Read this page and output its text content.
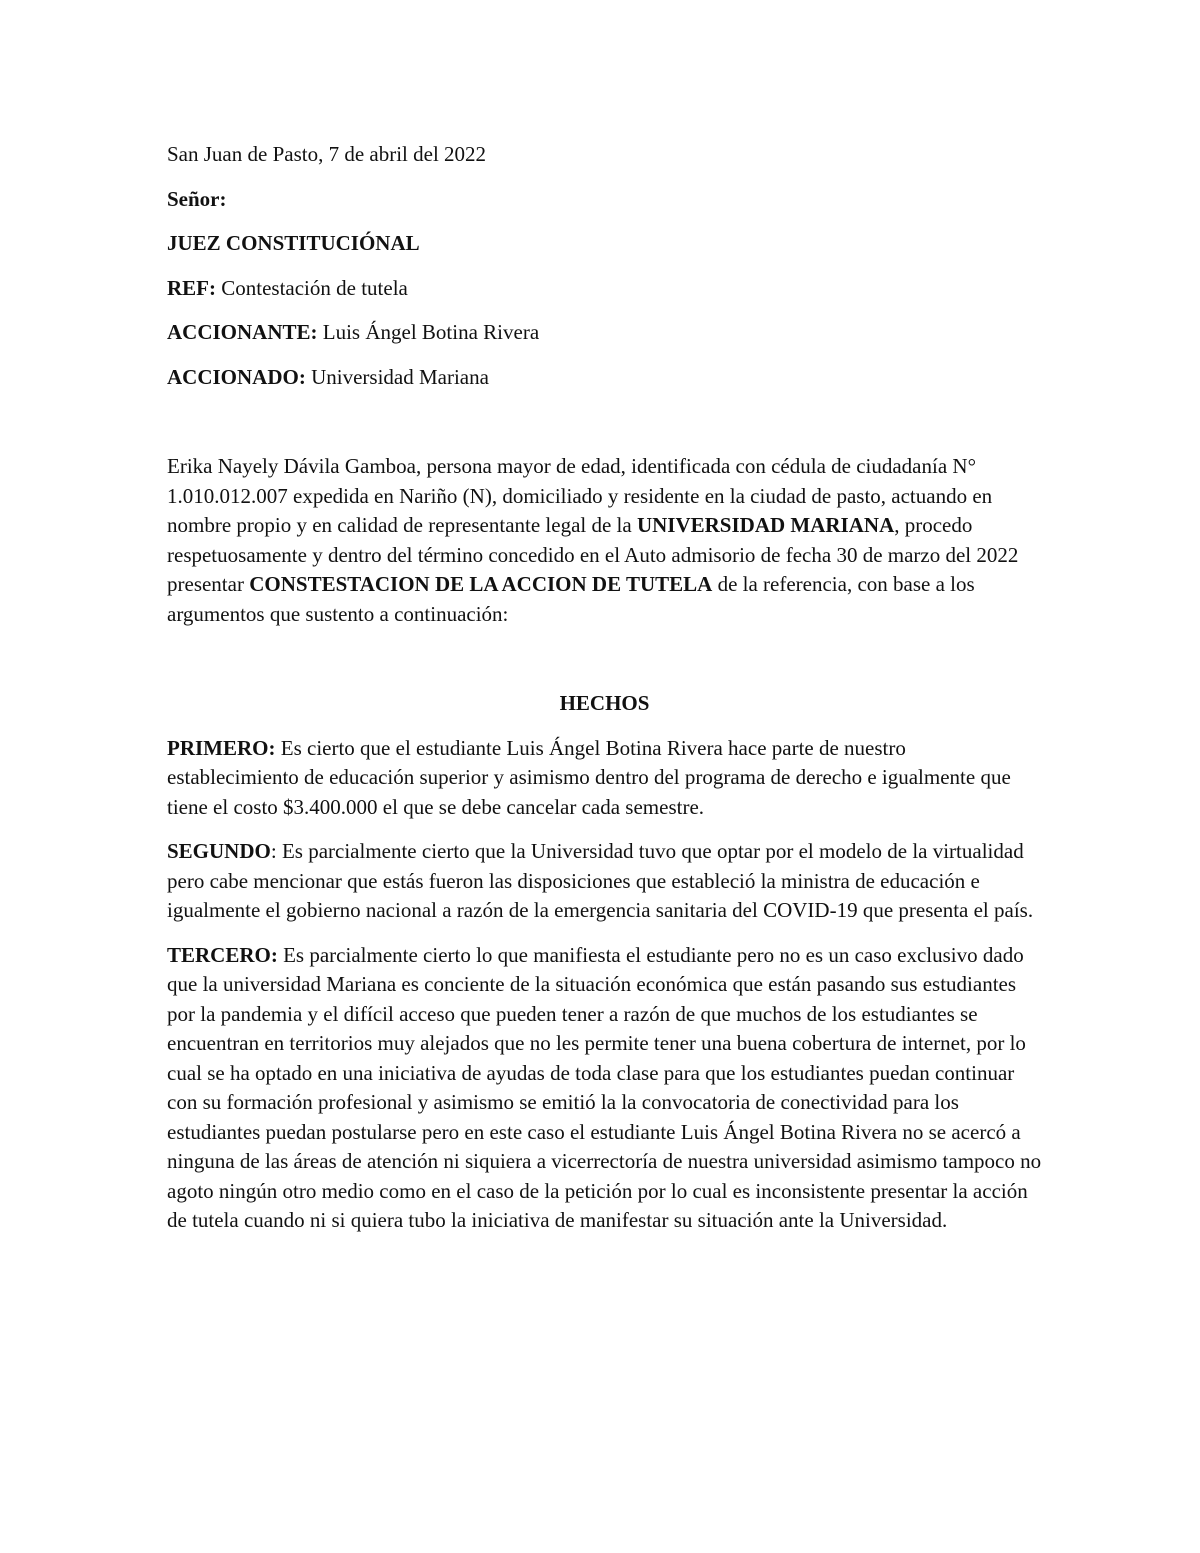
San Juan de Pasto, 7 de abril del 2022

Señor:

JUEZ CONSTITUCIÓNAL

REF: Contestación de tutela

ACCIONANTE: Luis Ángel Botina Rivera

ACCIONADO: Universidad Mariana

Erika Nayely Dávila Gamboa, persona mayor de edad, identificada con cédula de ciudadanía N° 1.010.012.007 expedida en Nariño (N), domiciliado y residente en la ciudad de pasto, actuando en nombre propio y en calidad de representante legal de la UNIVERSIDAD MARIANA, procedo respetuosamente y dentro del término concedido en el Auto admisorio de fecha 30 de marzo del 2022 presentar CONSTESTACION DE LA ACCION DE TUTELA de la referencia, con base a los argumentos que sustento a continuación:

HECHOS

PRIMERO: Es cierto que el estudiante Luis Ángel Botina Rivera hace parte de nuestro establecimiento de educación superior y asimismo dentro del programa de derecho e igualmente que tiene el costo $3.400.000 el que se debe cancelar cada semestre.

SEGUNDO: Es parcialmente cierto que la Universidad tuvo que optar por el modelo de la virtualidad pero cabe mencionar que estás fueron las disposiciones que estableció la ministra de educación e igualmente el gobierno nacional a razón de la emergencia sanitaria del COVID-19 que presenta el país.

TERCERO: Es parcialmente cierto lo que manifiesta el estudiante pero no es un caso exclusivo dado que la universidad Mariana es conciente de la situación económica que están pasando sus estudiantes por la pandemia y el difícil acceso que pueden tener a razón de que muchos de los estudiantes se encuentran en territorios muy alejados que no les permite tener una buena cobertura de internet, por lo cual se ha optado en una iniciativa de ayudas de toda clase para que los estudiantes puedan continuar con su formación profesional y asimismo se emitió la la convocatoria de conectividad para los estudiantes puedan postularse pero en este caso el estudiante Luis Ángel Botina Rivera no se acercó a ninguna de las áreas de atención ni siquiera a vicerrectoría de nuestra universidad asimismo tampoco no agoto ningún otro medio como en el caso de la petición por lo cual es inconsistente presentar la acción de tutela cuando ni si quiera tubo la iniciativa de manifestar su situación ante la Universidad.
